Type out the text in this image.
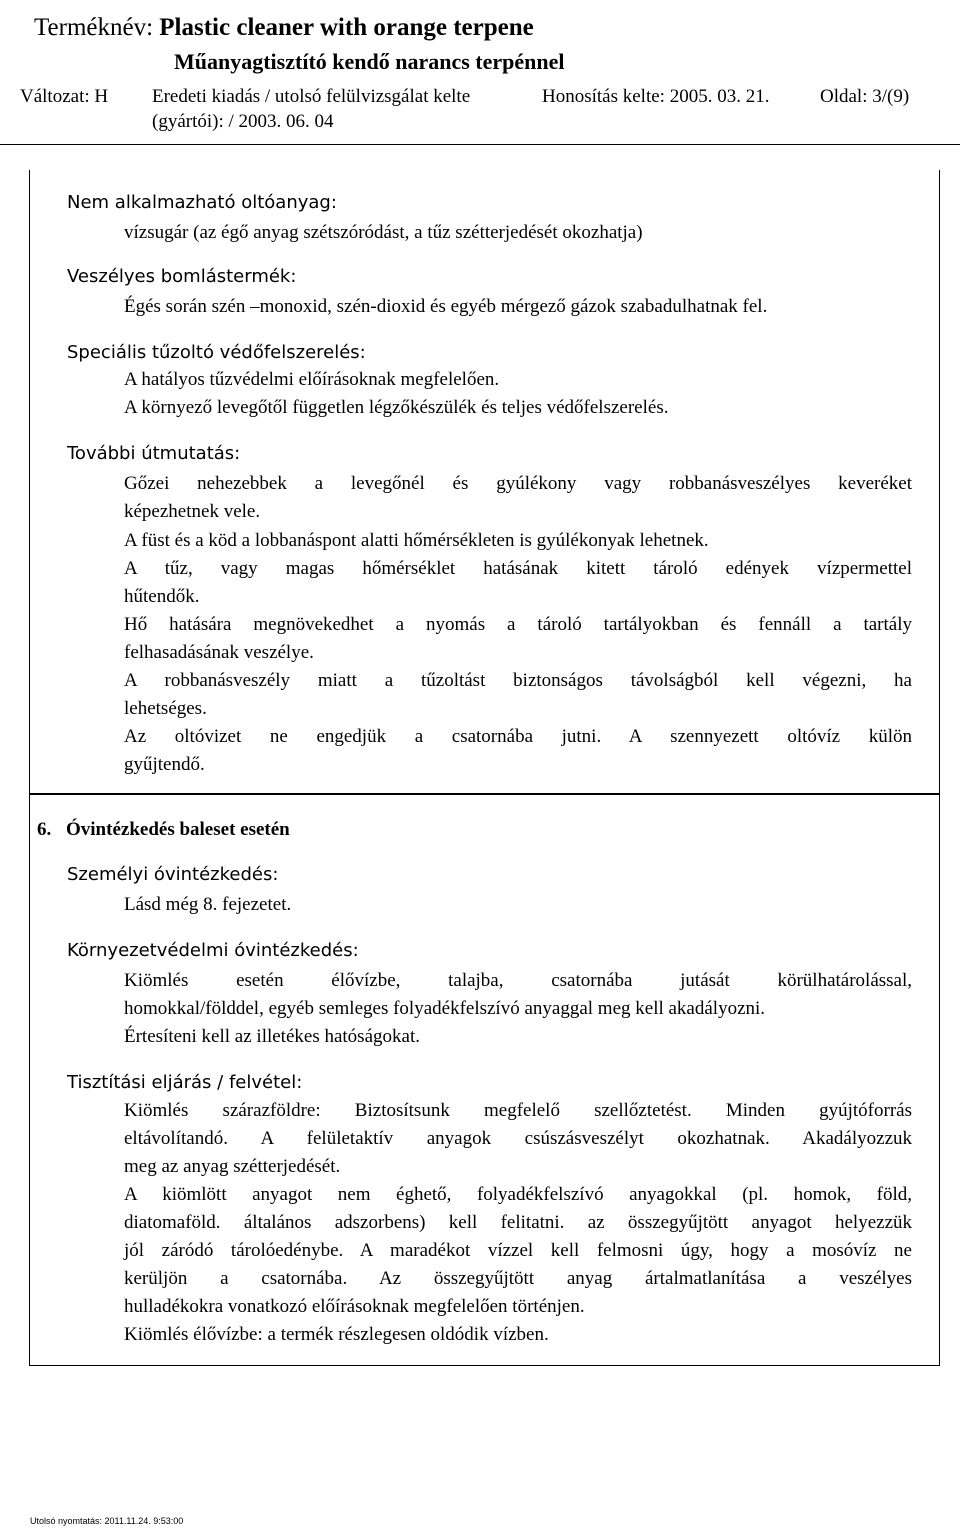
Terméknév: Plastic cleaner with orange terpene
Műanyagtisztító kendő narancs terpénnel
Változat: H Eredeti kiadás / utolsó felülvizsgálat kelte	Honosítás kelte: 2005. 03. 21.	Oldal: 3/(9)
(gyártói): / 2003. 06. 04
Nem alkalmazható oltóanyag:
vízsugár (az égő anyag szétszóródást, a tűz szétterjedését okozhatja)
Veszélyes bomlástermék:
Égés során szén –monoxid, szén-dioxid és egyéb mérgező gázok szabadulhatnak fel.
Speciális tűzoltó védőfelszerelés:
A hatályos tűzvédelmi előírásoknak megfelelően.
A környező levegőtől független légzőkészülék és teljes védőfelszerelés.
További útmutatás:
Gőzei nehezebbek a levegőnél és gyúlékony vagy robbanásveszélyes keveréket
képezhetnek vele.
A füst és a köd a lobbanáspont alatti hőmérsékleten is gyúlékonyak lehetnek.
A tűz, vagy magas hőmérséklet hatásának kitett tároló edények vízpermettel
hűtendők.
Hő hatására megnövekedhet a nyomás a tároló tartályokban és fennáll a tartály
felhasadásának veszélye.
A robbanásveszély miatt a tűzoltást biztonságos távolságból kell végezni, ha
lehetséges.
Az oltóvizet ne engedjük a csatornába jutni. A szennyezett oltóvíz külön
gyűjtendő.
6. Óvintézkedés baleset esetén
Személyi óvintézkedés:
Lásd még 8. fejezetet.
Környezetvédelmi óvintézkedés:
Kiömlés esetén élővízbe, talajba, csatornába jutását körülhatárolással,
homokkal/földdel, egyéb semleges folyadékfelszívó anyaggal meg kell akadályozni.
Értesíteni kell az illetékes hatóságokat.
Tisztítási eljárás / felvétel:
Kiömlés szárazföldre: Biztosítsunk megfelelő szellőztetést. Minden gyújtóforrás
eltávolítandó. A felületaktív anyagok csúszásveszélyt okozhatnak. Akadályozzuk
meg az anyag szétterjedését.
A kiömlött anyagot nem éghető, folyadékfelszívó anyagokkal (pl. homok, föld,
diatomaföld. általános adszorbens) kell felitatni. az összegyűjtött anyagot helyezzük
jól záródó tárolóedénybe. A maradékot vízzel kell felmosni úgy, hogy a mosóvíz ne
kerüljön a csatornába. Az összegyűjtött anyag ártalmatlanítása a veszélyes
hulladékokra vonatkozó előírásoknak megfelelően történjen.
Kiömlés élővízbe: a termék részlegesen oldódik vízben.
Utolsó nyomtatás: 2011.11.24. 9:53:00
